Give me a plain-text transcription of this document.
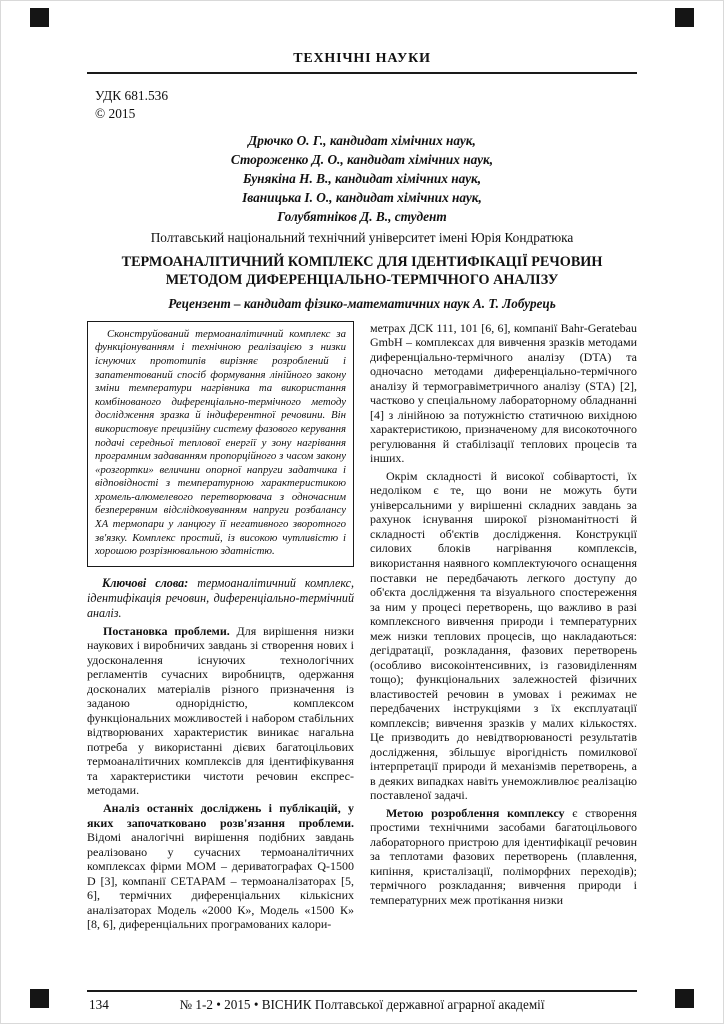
ТЕХНІЧНІ НАУКИ
УДК 681.536
© 2015
Дрючко О. Г., кандидат хімічних наук,
Стороженко Д. О., кандидат хімічних наук,
Бунякіна Н. В., кандидат хімічних наук,
Іваницька І. О., кандидат хімічних наук,
Голубятніков Д. В., студент
Полтавський національний технічний університет імені Юрія Кондратюка
ТЕРМОАНАЛІТИЧНИЙ КОМПЛЕКС ДЛЯ ІДЕНТИФІКАЦІЇ РЕЧОВИН МЕТОДОМ ДИФЕРЕНЦІАЛЬНО-ТЕРМІЧНОГО АНАЛІЗУ
Рецензент – кандидат фізико-математичних наук А. Т. Лобурець

Сконструйований термоаналітичний комплекс за функціонуванням і технічною реалізацією з низки існуючих прототипів вирізняє розроблений і запатентований спосіб формування лінійного закону зміни температури нагрівника та використання комбінованого диференціально-термічного методу дослідження зразка й індиферентної речовини. Він використовує прецизійну систему фазового керування подачі середньої теплової енергії у зону нагрівання програмним задаванням пропорційного з часом закону «розгортки» величини опорної напруги задатчика і відповідності з температурною характеристикою хромель-алюмелевого перетворювача з одночасним безперервним відслідковуванням напруги розбалансу ХА термопари у ланцюгу її негативного зворотного зв'язку. Комплекс простий, із високою чутливістю і хорошою розрізнювальною здатністю.

Ключові слова: термоаналітичний комплекс, ідентифікація речовин, диференціально-термічний аналіз.

Постановка проблеми. Для вирішення низки наукових і виробничих завдань зі створення нових і удосконалення існуючих технологічних регламентів сучасних виробництв, одержання досконалих матеріалів різного призначення із заданою однорідністю, комплексом функціональних можливостей і набором стабільних відтворюваних характеристик виникає нагальна потреба у використанні дієвих багатоцільових термоаналітичних комплексів для ідентифікування та характеристики чистоти речовин експрес-методами.

Аналіз останніх досліджень і публікацій, у яких започатковано розв'язання проблеми. Відомі аналогічні вирішення подібних завдань реалізовано у сучасних термоаналітичних комплексах фірми МОМ – дериватографах Q-1500 D [3], компанії СЕТАРАМ – термоаналізаторах [5, 6], термічних диференціальних кількісних аналізаторах Модель «2000 К», Модель «1500 К» [8, 6], диференціальних програмованих калори-

метрах ДСК 111, 101 [6, 6], компанії Bahr-Geratebau GmbH – комплексах для вивчення зразків методами диференціально-термічного аналізу (DTA) та одночасно методами диференціально-термічного аналізу й термогравіметричного аналізу (STA) [2], частково у спеціальному лабораторному обладнанні [4] з лінійною за потужністю статичною вихідною характеристикою, призначеному для високоточного регулювання й стабілізації теплових процесів та інших.

Окрім складності й високої собівартості, їх недоліком є те, що вони не можуть бути універсальними у вирішенні складних завдань за рахунок існування широкої різноманітності й складності об'єктів дослідження. Конструкції силових блоків нагрівання комплексів, використання наявного комплектуючого оснащення поставки не передбачають легкого доступу до об'єкта дослідження та візуального спостереження за ним у процесі перетворень, що важливо в разі комплексного вивчення природи і температурних меж низки теплових процесів, що накладаються: дегідратації, розкладання, фазових перетворень (особливо високоінтенсивних, із газовиділенням тощо); функціональних залежностей фізичних властивостей речовин в умовах і режимах не передбачених інструкціями з їх експлуатації комплексів; вивчення зразків у малих кількостях. Це призводить до невідтворюваності результатів дослідження, збільшує вірогідність помилкової інтерпретації природи й механізмів перетворень, а в деяких випадках навіть унеможливлює реалізацію поставленої задачі.

Метою розроблення комплексу є створення простими технічними засобами багатоцільового лабораторного пристрою для ідентифікації речовин за теплотами фазових перетворень (плавлення, кипіння, кристалізації, поліморфних переходів); термічного розкладання; вивчення природи і температурних меж протікання низки

134	№ 1-2 • 2015 • ВІСНИК Полтавської державної аграрної академії
